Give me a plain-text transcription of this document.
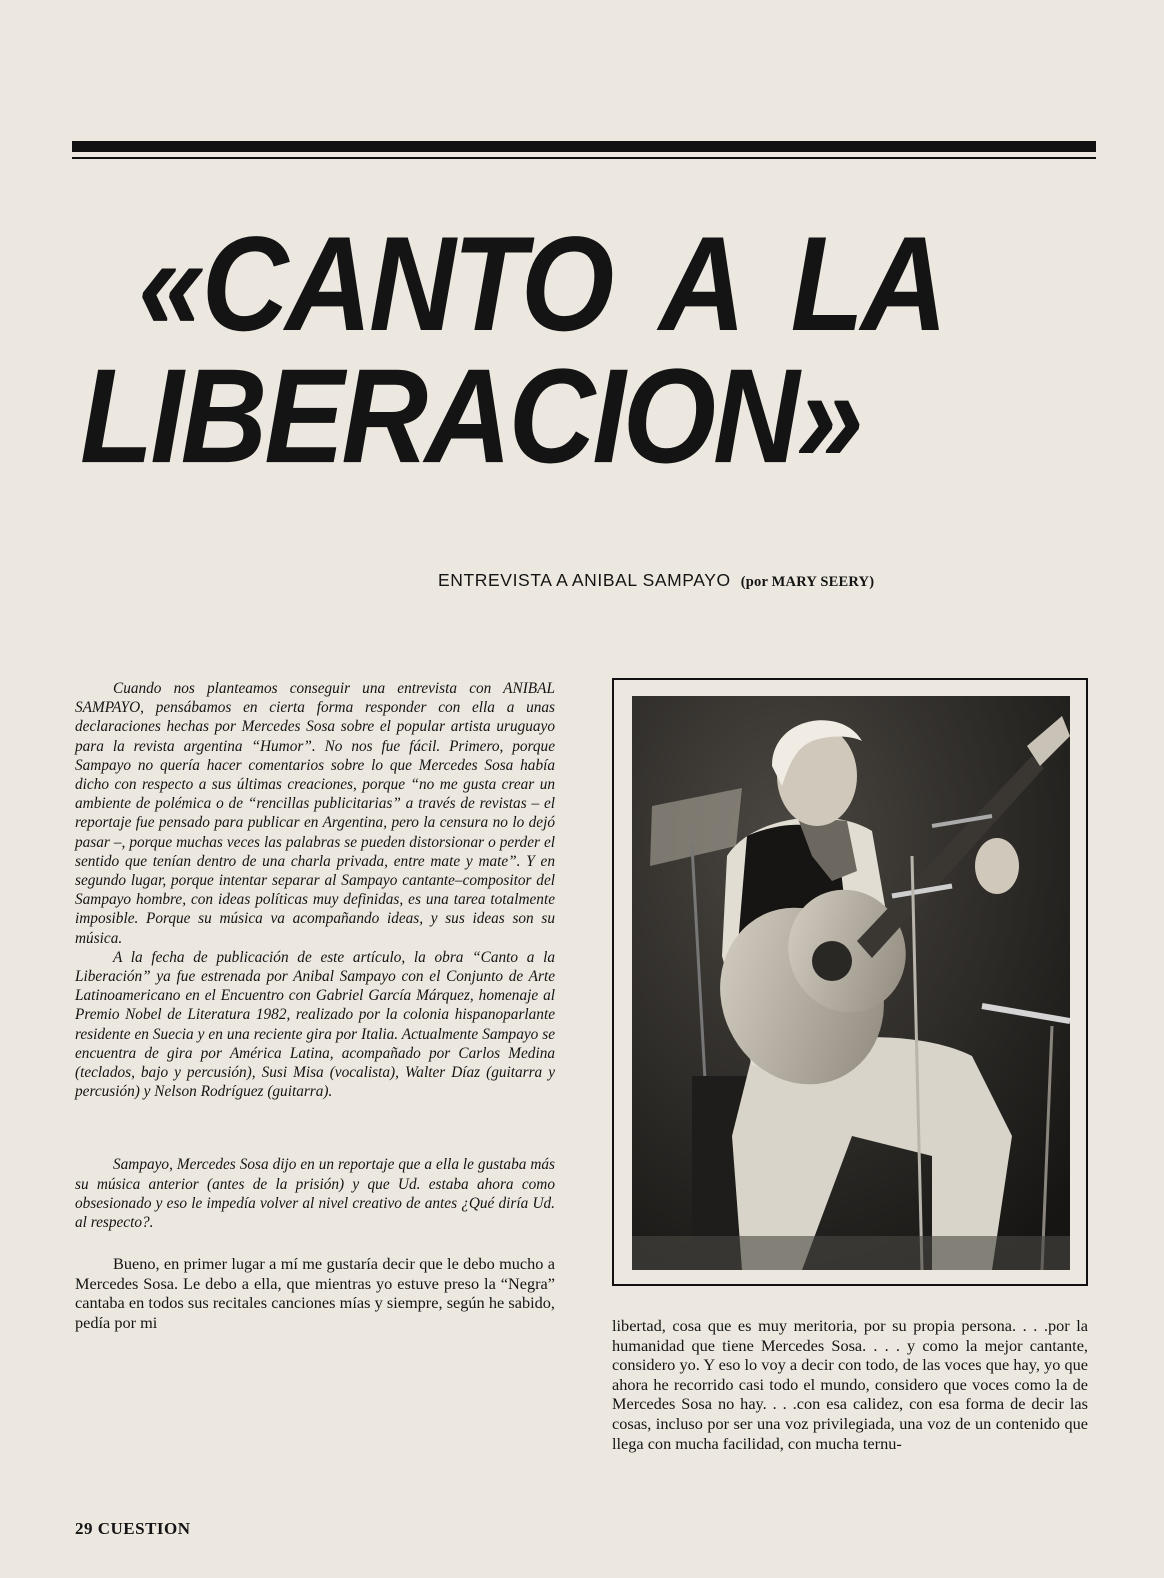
«CANTO A LA
LIBERACION»
ENTREVISTA A ANIBAL SAMPAYO (por MARY SEERY)

Cuando nos planteamos conseguir una entrevista con ANIBAL SAMPAYO, pensábamos en cierta forma responder con ella a unas declaraciones hechas por Mercedes Sosa sobre el popular artista uruguayo para la revista argentina “Humor”. No nos fue fácil. Primero, porque Sampayo no quería hacer comentarios sobre lo que Mercedes Sosa había dicho con respecto a sus últimas creaciones, porque “no me gusta crear un ambiente de polémica o de “rencillas publicitarias” a través de revistas – el reportaje fue pensado para publicar en Argentina, pero la censura no lo dejó pasar –, porque muchas veces las palabras se pueden distorsionar o perder el sentido que tenían dentro de una charla privada, entre mate y mate”. Y en segundo lugar, porque intentar separar al Sampayo cantante–compositor del Sampayo hombre, con ideas políticas muy definidas, es una tarea totalmente imposible. Porque su música va acompañando ideas, y sus ideas son su música.

A la fecha de publicación de este artículo, la obra “Canto a la Liberación” ya fue estrenada por Anibal Sampayo con el Conjunto de Arte Latinoamericano en el Encuentro con Gabriel García Márquez, homenaje al Premio Nobel de Literatura 1982, realizado por la colonia hispanoparlante residente en Suecia y en una reciente gira por Italia. Actualmente Sampayo se encuentra de gira por América Latina, acompañado por Carlos Medina (teclados, bajo y percusión), Susi Misa (vocalista), Walter Díaz (guitarra y percusión) y Nelson Rodríguez (guitarra).

Sampayo, Mercedes Sosa dijo en un reportaje que a ella le gustaba más su música anterior (antes de la prisión) y que Ud. estaba ahora como obsesionado y eso le impedía volver al nivel creativo de antes ¿Qué diría Ud. al respecto?.

Bueno, en primer lugar a mí me gustaría decir que le debo mucho a Mercedes Sosa. Le debo a ella, que mientras yo estuve preso la “Negra” cantaba en todos sus recitales canciones mías y siempre, según he sabido, pedía por mi	libertad, cosa que es muy meritoria, por su propia persona. . . .por la humanidad que tiene Mercedes Sosa. . . . y como la mejor cantante, considero yo. Y eso lo voy a decir con todo, de las voces que hay, yo que ahora he recorrido casi todo el mundo, considero que voces como la de Mercedes Sosa no hay. . . .con esa calidez, con esa forma de decir las cosas, incluso por ser una voz privilegiada, una voz de un contenido que llega con mucha facilidad, con mucha ternu-

29 CUESTION
